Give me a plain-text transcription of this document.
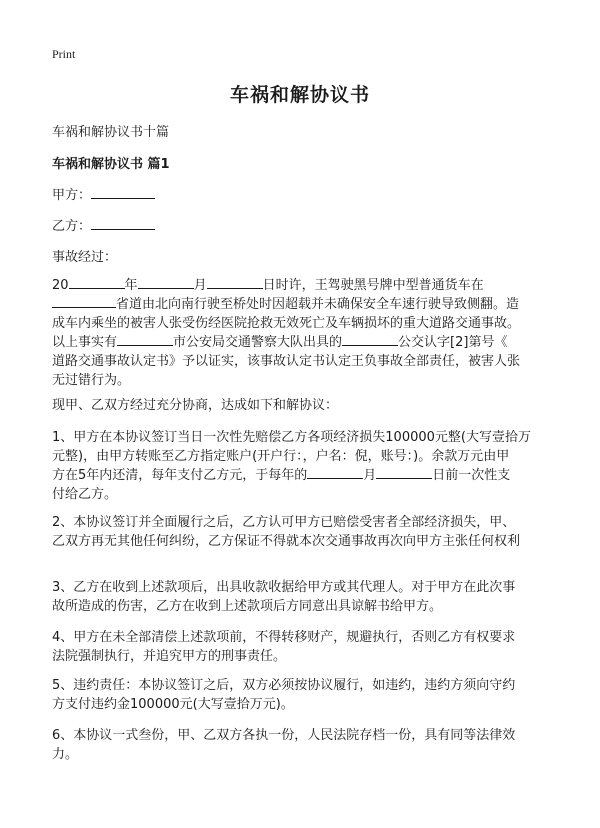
Print
车祸和解协议书
车祸和解协议书十篇
车祸和解协议书 篇1
甲方：
乙方：
事故经过：
20	年	月	日时许，王驾驶黑号牌中型普通货车在
省道由北向南行驶至桥处时因超载并未确保安全车速行驶导致侧翻。造
成车内乘坐的被害人张受伤经医院抢救无效死亡及车辆损坏的重大道路交通事故。
以上事实有	市公安局交通警察大队出具的	公交认字[2]第号《
道路交通事故认定书》予以证实，该事故认定书认定王负事故全部责任，被害人张
无过错行为。
现甲、乙双方经过充分协商，达成如下和解协议：
1、甲方在本协议签订当日一次性先赔偿乙方各项经济损失100000元整(大写壹拾万
元整)，由甲方转账至乙方指定账户(开户行：，户名：倪，账号：)。余款万元由甲
方在5年内还清，每年支付乙方元，于每年的	月	日前一次性支
付给乙方。
2、本协议签订并全面履行之后，乙方认可甲方已赔偿受害者全部经济损失，甲、
乙双方再无其他任何纠纷，乙方保证不得就本次交通事故再次向甲方主张任何权利
3、乙方在收到上述款项后，出具收款收据给甲方或其代理人。对于甲方在此次事
故所造成的伤害，乙方在收到上述款项后方同意出具谅解书给甲方。
4、甲方在未全部清偿上述款项前，不得转移财产，规避执行，否则乙方有权要求
法院强制执行，并追究甲方的刑事责任。
5、违约责任：本协议签订之后，双方必须按协议履行，如违约，违约方须向守约
方支付违约金100000元(大写壹拾万元)。
6、本协议一式叁份，甲、乙双方各执一份，人民法院存档一份，具有同等法律效
力。
